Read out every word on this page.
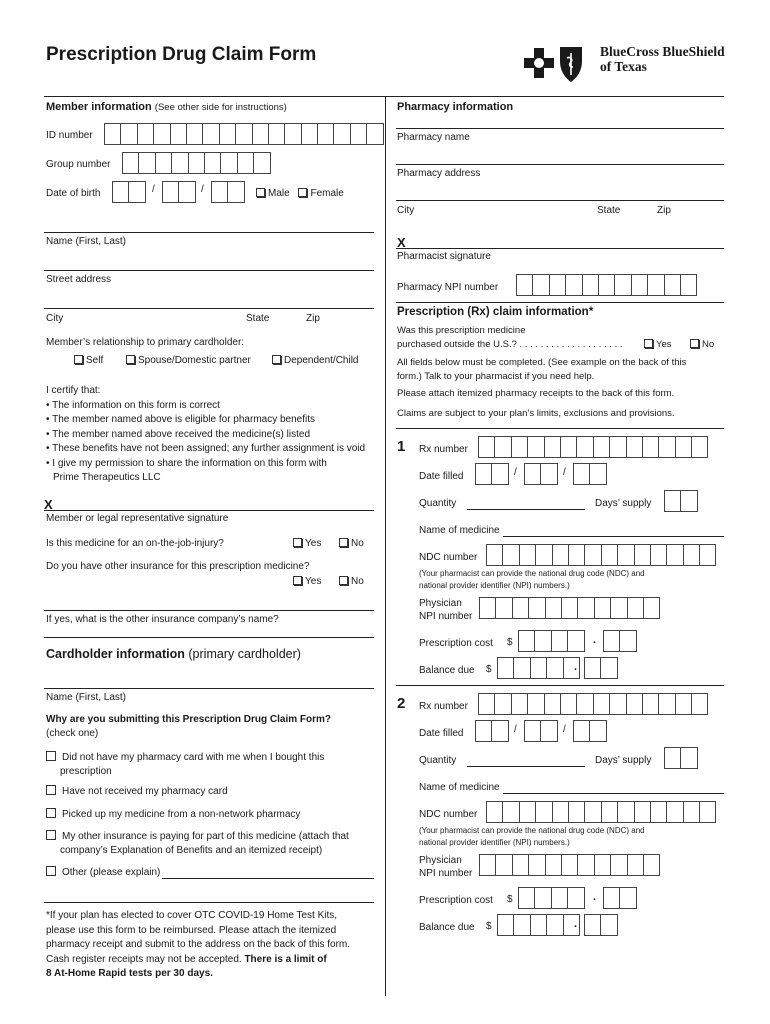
Prescription Drug Claim Form	BlueCross BlueShield
of Texas
Member information (See other side for instructions)
ID number
Group number
Date of birth	/	/	Male Female
Name (First, Last)
Street address
City	State	Zip
Member’s relationship to primary cardholder:
Self	Spouse/Domestic partner	Dependent/Child
I certify that:
• The information on this form is correct
• The member named above is eligible for pharmacy benefits
• The member named above received the medicine(s) listed
• These benefits have not been assigned; any further assignment is void
• I give my permission to share the information on this form with
Prime Therapeutics LLC
X
Member or legal representative signature
Is this medicine for an on-the-job-injury?	Yes	No
Do you have other insurance for this prescription medicine?
Yes	No
If yes, what is the other insurance company’s name?
Cardholder information (primary cardholder)
Name (First, Last)
Why are you submitting this Prescription Drug Claim Form?
(check one)
Did not have my pharmacy card with me when I bought this
prescription
Have not received my pharmacy card
Picked up my medicine from a non-network pharmacy
My other insurance is paying for part of this medicine (attach that
company’s Explanation of Benefits and an itemized receipt)
Other (please explain)
*If your plan has elected to cover OTC COVID-19 Home Test Kits,
please use this form to be reimbursed. Please attach the itemized
pharmacy receipt and submit to the address on the back of this form.
Cash register receipts may not be accepted. There is a limit of
8 At-Home Rapid tests per 30 days.
Pharmacy information
Pharmacy name
Pharmacy address
City	State	Zip
X
Pharmacist signature
Pharmacy NPI number
Prescription (Rx) claim information*
Was this prescription medicine
purchased outside the U.S.? . . . . . . . . . . . . . . . . . . . .	Yes	No
All fields below must be completed. (See example on the back of this
form.) Talk to your pharmacist if you need help.
Please attach itemized pharmacy receipts to the back of this form.
Claims are subject to your plan’s limits, exclusions and provisions.
1 Rx number
Date filled	/	/
Quantity	Days’ supply
Name of medicine
NDC number
(Your pharmacist can provide the national drug code (NDC) and
national provider identifier (NPI) numbers.)
Physician
NPI number
Prescription cost $	.
Balance due $	.
2 Rx number
Date filled	/	/
Quantity	Days’ supply
Name of medicine
NDC number
(Your pharmacist can provide the national drug code (NDC) and
national provider identifier (NPI) numbers.)
Physician
NPI number
Prescription cost $	.
Balance due $	.
